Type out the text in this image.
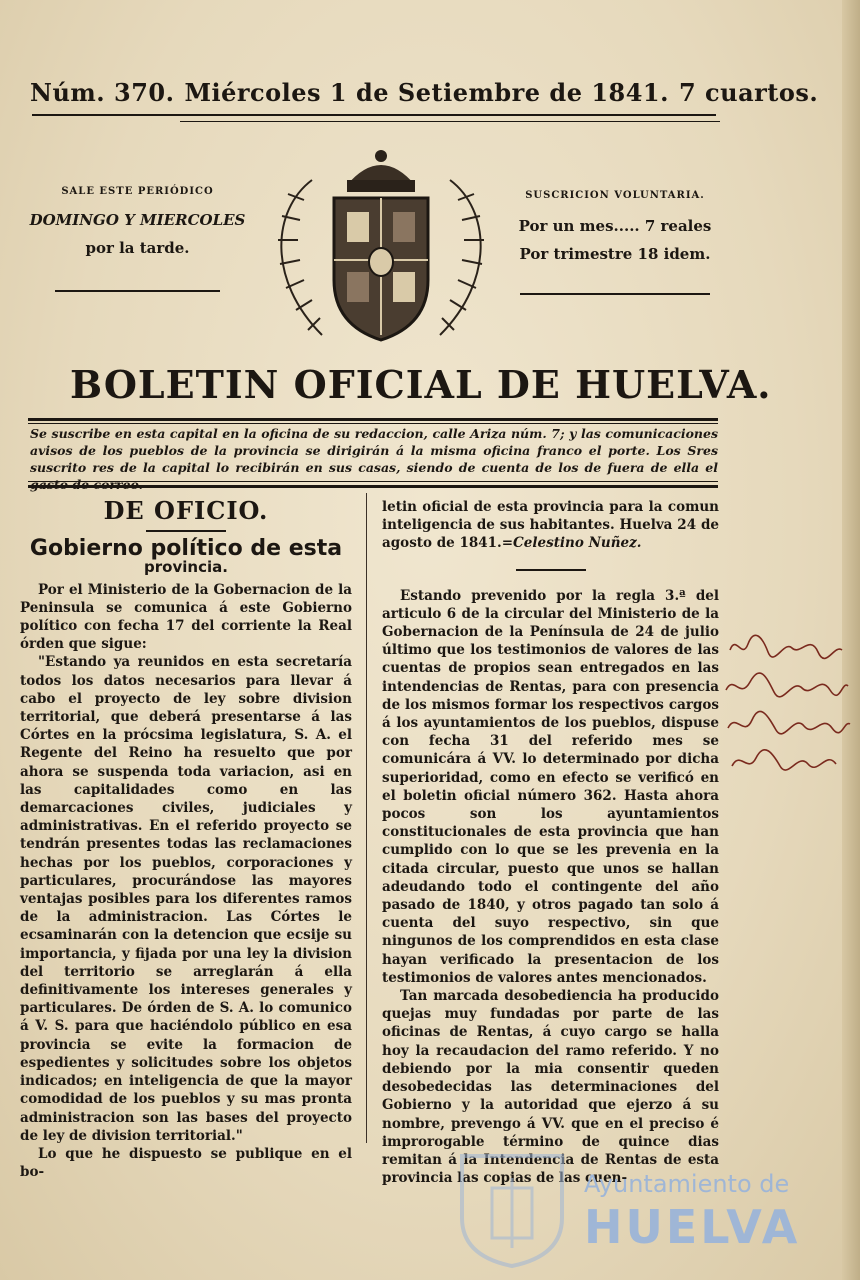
Núm. 370. Miércoles 1 de Setiembre de 1841. 7 cuartos.
SALE ESTE PERIÓDICO
DOMINGO Y MIERCOLES
por la tarde.
SUSCRICION VOLUNTARIA.
Por un mes..... 7 reales
Por trimestre 18 idem.
BOLETIN OFICIAL DE HUELVA.
Se suscribe en esta capital en la oficina de su redaccion, calle Ariza núm. 7; y las comunicaciones avisos de los pueblos de la provincia se dirigirán á la misma oficina franco el porte. Los Sres suscrito res de la capital lo recibirán en sus casas, siendo de cuenta de los de fuera de ella el
DE OFICIO.
Gobierno político de esta
provincia.

Por el Ministerio de la Gobernacion de la Peninsula se comunica á este Gobierno político con fecha 17 del corriente la Real órden que sigue:

"Estando ya reunidos en esta secretaría todos los datos necesarios para llevar á cabo el proyecto de ley sobre division territorial, que deberá presentarse á las Córtes en la prócsima legislatura, S. A. el Regente del Reino ha resuelto que por ahora se suspenda toda variacion, asi en las capitalidades como en las demarcaciones civiles, judiciales y administrativas. En el referido proyecto se tendrán presentes todas las reclamaciones hechas por los pueblos, corporaciones y particulares, procurándose las mayores ventajas posibles para los diferentes ramos de la administracion. Las Córtes le ecsaminarán con la detencion que ecsije su importancia, y fijada por una ley la division del territorio se arreglarán á ella definitivamente los intereses generales y particulares. De órden de S. A. lo comunico á V. S. para que haciéndolo público en esa provincia se evite la formacion de espedientes y solicitudes sobre los objetos indicados; en inteligencia de que la mayor comodidad de los pueblos y su mas pronta administracion son las bases del proyecto de ley de division territorial."

Lo que he dispuesto se publique en el bo-

letin oficial de esta provincia para la comun inteligencia de sus habitantes. Huelva 24 de agosto de 1841.=Celestino Nuñez.

Estando prevenido por la regla 3.ª del articulo 6 de la circular del Ministerio de la Gobernacion de la Península de 24 de julio último que los testimonios de valores de las cuentas de propios sean entregados en las intendencias de Rentas, para con presencia de los mismos formar los respectivos cargos á los ayuntamientos de los pueblos, dispuse con fecha 31 del referido mes se comunicára á VV. lo determinado por dicha superioridad, como en efecto se verificó en el boletin oficial número 362. Hasta ahora pocos son los ayuntamientos constitucionales de esta provincia que han cumplido con lo que se les prevenia en la citada circular, puesto que unos se hallan adeudando todo el contingente del año pasado de 1840, y otros pagado tan solo á cuenta del suyo respectivo, sin que ningunos de los comprendidos en esta clase hayan verificado la presentacion de los testimonios de valores antes mencionados.

Tan marcada desobediencia ha producido quejas muy fundadas por parte de las oficinas de Rentas, á cuyo cargo se halla hoy la recaudacion del ramo referido. Y no debiendo por la mia consentir queden desobedecidas las determinaciones del Gobierno y la autoridad que ejerzo á su nombre, prevengo á VV. que en el preciso é improrogable término de quince dias remitan á la Intendencia de Rentas de esta provincia las copias de las cuen-

Ayuntamiento de
HUELVA
